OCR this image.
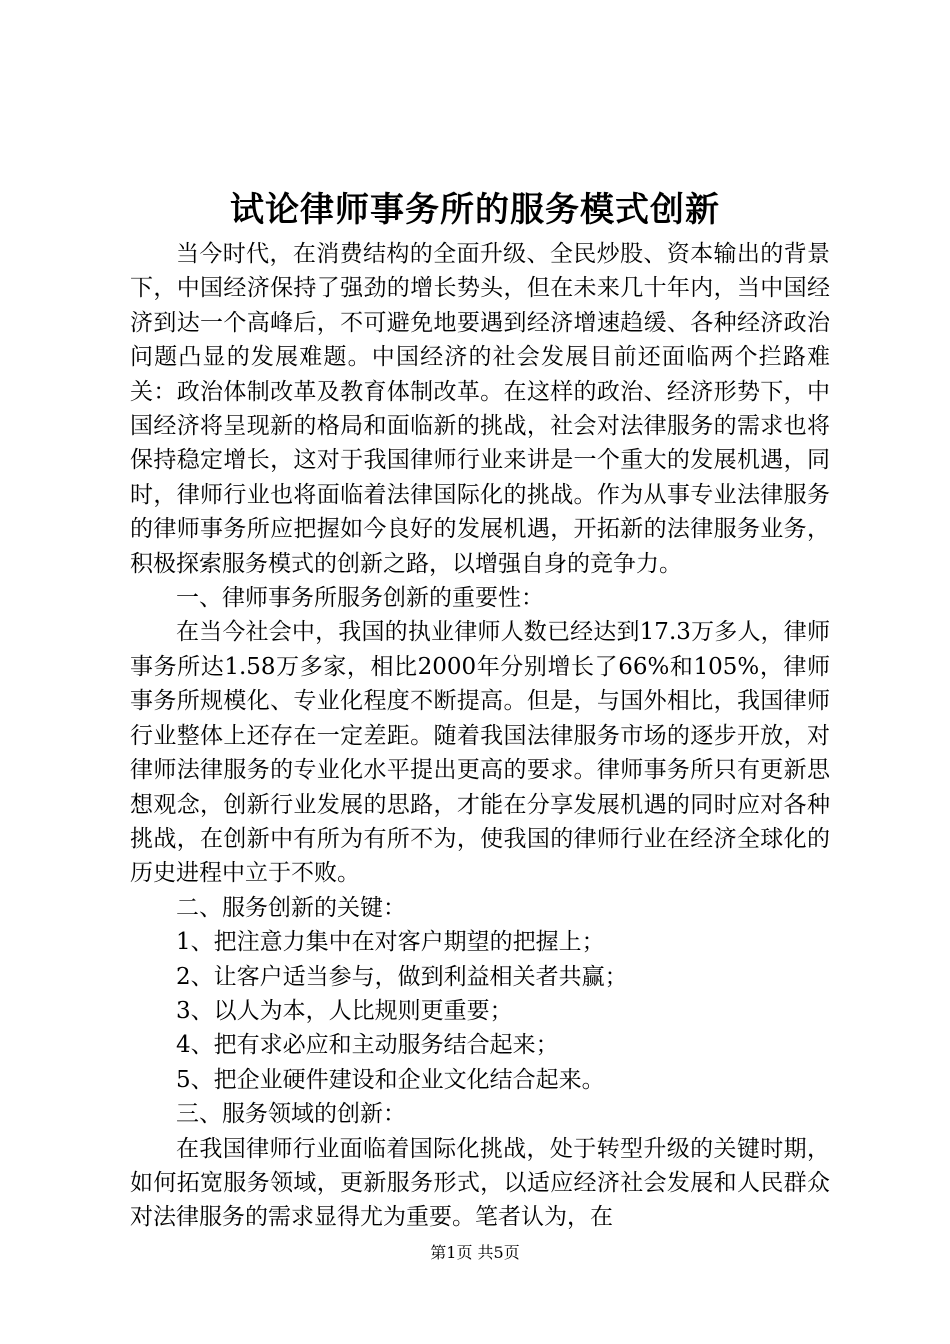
试论律师事务所的服务模式创新

当今时代，在消费结构的全面升级、全民炒股、资本输出的背景下，中国经济保持了强劲的增长势头，但在未来几十年内，当中国经济到达一个高峰后，不可避免地要遇到经济增速趋缓、各种经济政治问题凸显的发展难题。中国经济的社会发展目前还面临两个拦路难关：政治体制改革及教育体制改革。在这样的政治、经济形势下，中国经济将呈现新的格局和面临新的挑战，社会对法律服务的需求也将保持稳定增长，这对于我国律师行业来讲是一个重大的发展机遇，同时，律师行业也将面临着法律国际化的挑战。作为从事专业法律服务的律师事务所应把握如今良好的发展机遇，开拓新的法律服务业务，积极探索服务模式的创新之路，以增强自身的竞争力。

一、律师事务所服务创新的重要性：

在当今社会中，我国的执业律师人数已经达到17.3万多人，律师事务所达1.58万多家，相比2000年分别增长了66%和105%，律师事务所规模化、专业化程度不断提高。但是，与国外相比，我国律师行业整体上还存在一定差距。随着我国法律服务市场的逐步开放，对律师法律服务的专业化水平提出更高的要求。律师事务所只有更新思想观念，创新行业发展的思路，才能在分享发展机遇的同时应对各种挑战，在创新中有所为有所不为，使我国的律师行业在经济全球化的历史进程中立于不败。

二、服务创新的关键：

1、把注意力集中在对客户期望的把握上；

2、让客户适当参与，做到利益相关者共赢；

3、以人为本，人比规则更重要；

4、把有求必应和主动服务结合起来；

5、把企业硬件建设和企业文化结合起来。

三、服务领域的创新：

在我国律师行业面临着国际化挑战，处于转型升级的关键时期，如何拓宽服务领域，更新服务形式，以适应经济社会发展和人民群众对法律服务的需求显得尤为重要。笔者认为，在

第1页 共5页
